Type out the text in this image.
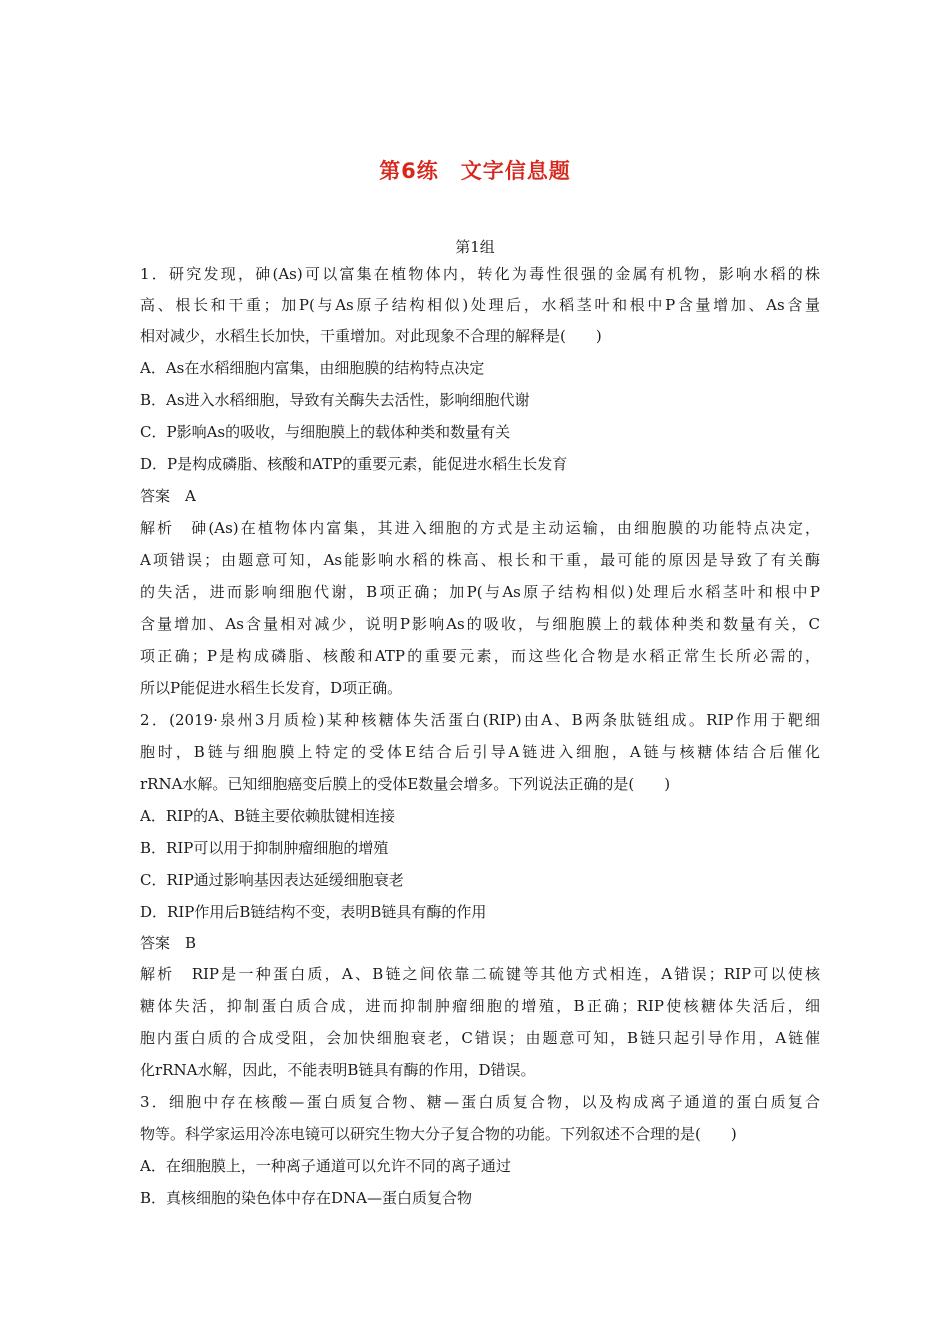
第6练　文字信息题
第1组
1．研究发现，砷(As)可以富集在植物体内，转化为毒性很强的金属有机物，影响水稻的株
高、根长和干重；加P(与As原子结构相似)处理后，水稻茎叶和根中P含量增加、As含量
相对减少，水稻生长加快，干重增加。对此现象不合理的解释是(　　)
A．As在水稻细胞内富集，由细胞膜的结构特点决定
B．As进入水稻细胞，导致有关酶失去活性，影响细胞代谢
C．P影响As的吸收，与细胞膜上的载体种类和数量有关
D．P是构成磷脂、核酸和ATP的重要元素，能促进水稻生长发育
答案　A
解析　砷(As)在植物体内富集，其进入细胞的方式是主动运输，由细胞膜的功能特点决定，
A项错误；由题意可知，As能影响水稻的株高、根长和干重，最可能的原因是导致了有关酶
的失活，进而影响细胞代谢，B项正确；加P(与As原子结构相似)处理后水稻茎叶和根中P
含量增加、As含量相对减少，说明P影响As的吸收，与细胞膜上的载体种类和数量有关，C
项正确；P是构成磷脂、核酸和ATP的重要元素，而这些化合物是水稻正常生长所必需的，
所以P能促进水稻生长发育，D项正确。
2．(2019·泉州3月质检)某种核糖体失活蛋白(RIP)由A、B两条肽链组成。RIP作用于靶细
胞时，B链与细胞膜上特定的受体E结合后引导A链进入细胞，A链与核糖体结合后催化
rRNA水解。已知细胞癌变后膜上的受体E数量会增多。下列说法正确的是(　　)
A．RIP的A、B链主要依赖肽键相连接
B．RIP可以用于抑制肿瘤细胞的增殖
C．RIP通过影响基因表达延缓细胞衰老
D．RIP作用后B链结构不变，表明B链具有酶的作用
答案　B
解析　RIP是一种蛋白质，A、B链之间依靠二硫键等其他方式相连，A错误；RIP可以使核
糖体失活，抑制蛋白质合成，进而抑制肿瘤细胞的增殖，B正确；RIP使核糖体失活后，细
胞内蛋白质的合成受阻，会加快细胞衰老，C错误；由题意可知，B链只起引导作用，A链催
化rRNA水解，因此，不能表明B链具有酶的作用，D错误。
3．细胞中存在核酸—蛋白质复合物、糖—蛋白质复合物，以及构成离子通道的蛋白质复合
物等。科学家运用冷冻电镜可以研究生物大分子复合物的功能。下列叙述不合理的是(　　)
A．在细胞膜上，一种离子通道可以允许不同的离子通过
B．真核细胞的染色体中存在DNA—蛋白质复合物
